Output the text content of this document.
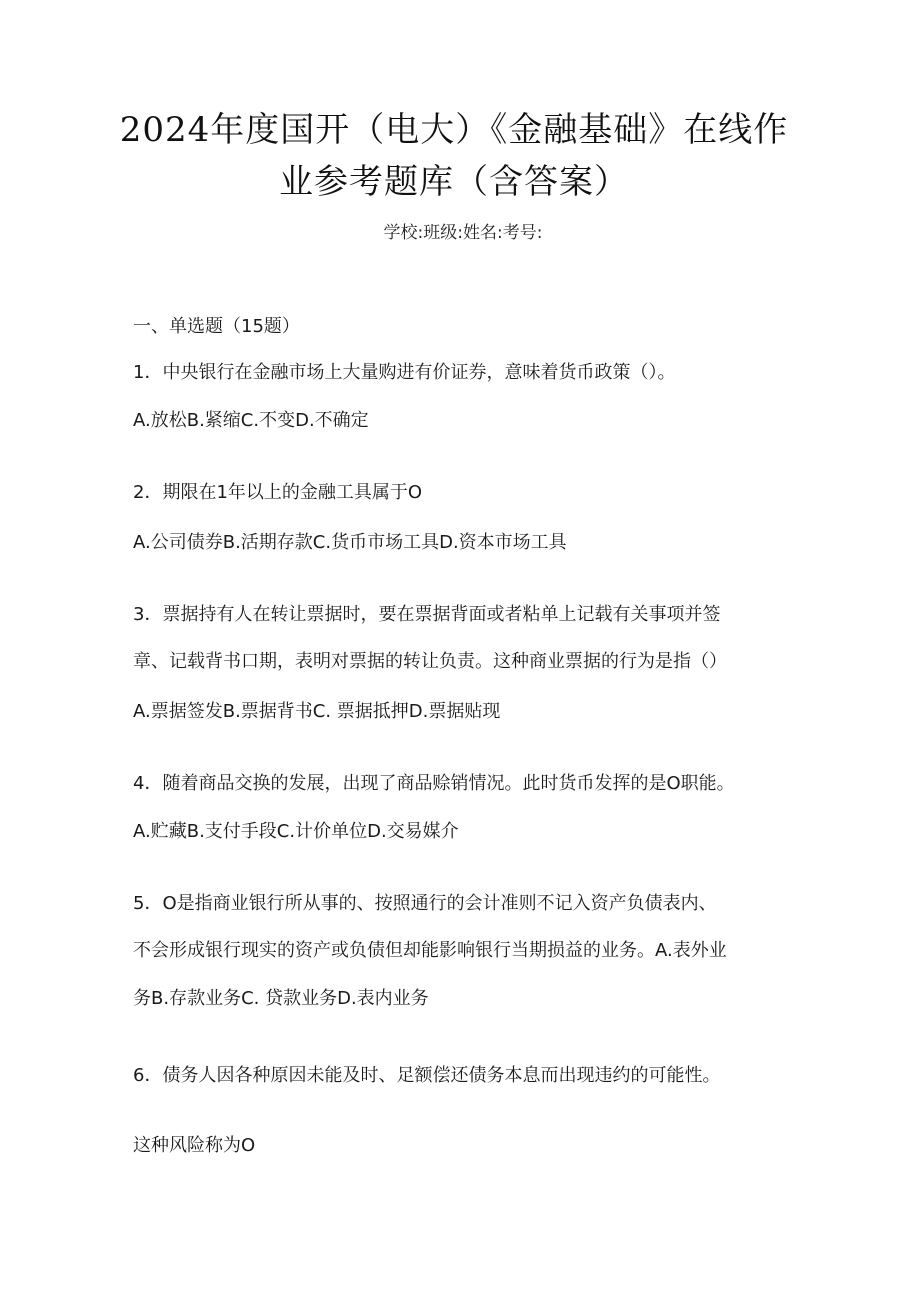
2024年度国开（电大）《金融基础》在线作
业参考题库（含答案）
学校:班级:姓名:考号:
一、单选题（15题）
1．中央银行在金融市场上大量购进有价证券，意味着货币政策（）。
A.放松B.紧缩C.不变D.不确定
2．期限在1年以上的金融工具属于O
A.公司债券B.活期存款C.货币市场工具D.资本市场工具
3．票据持有人在转让票据时，要在票据背面或者粘单上记载有关事项并签
章、记载背书口期，表明对票据的转让负责。这种商业票据的行为是指（）
A.票据签发B.票据背书C. 票据抵押D.票据贴现
4．随着商品交换的发展，出现了商品赊销情况。此时货币发挥的是O职能。
A.贮藏B.支付手段C.计价单位D.交易媒介
5．O是指商业银行所从事的、按照通行的会计准则不记入资产负债表内、
不会形成银行现实的资产或负债但却能影响银行当期损益的业务。A.表外业
务B.存款业务C. 贷款业务D.表内业务
6．债务人因各种原因未能及时、足额偿还债务本息而出现违约的可能性。
这种风险称为O
